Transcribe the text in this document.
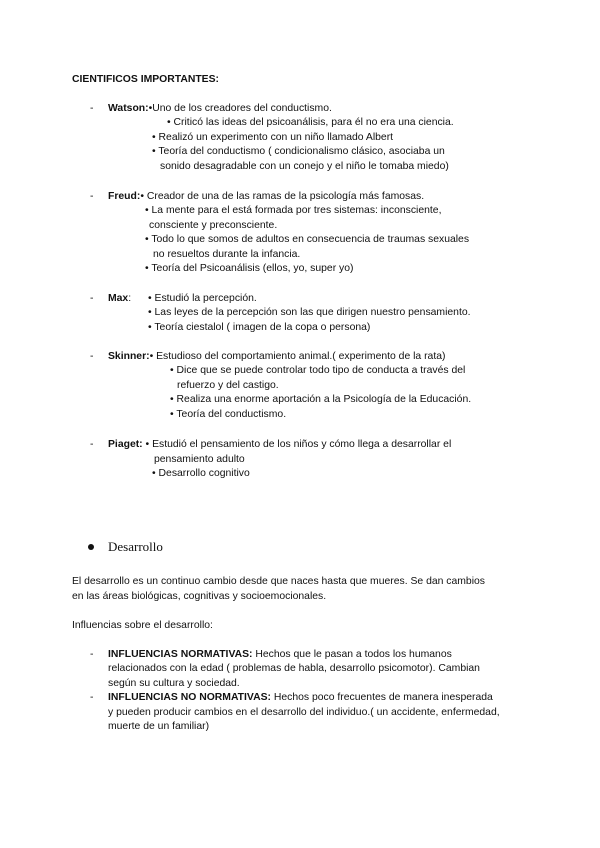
CIENTIFICOS IMPORTANTES:
- Watson:•Uno de los creadores del conductismo.
• Criticó las ideas del psicoanálisis, para él no era una ciencia.
• Realizó un experimento con un niño llamado Albert
• Teoría del conductismo ( condicionalismo clásico, asociaba un
sonido desagradable con un conejo y el niño le tomaba miedo)
- Freud:• Creador de una de las ramas de la psicología más famosas.
• La mente para el está formada por tres sistemas: inconsciente,
consciente y preconsciente.
• Todo lo que somos de adultos en consecuencia de traumas sexuales
no resueltos durante la infancia.
• Teoría del Psicoanálisis (ellos, yo, super yo)
- Max: • Estudió la percepción.
• Las leyes de la percepción son las que dirigen nuestro pensamiento.
• Teoría ciestalol ( imagen de la copa o persona)
- Skinner:• Estudioso del comportamiento animal.( experimento de la rata)
• Dice que se puede controlar todo tipo de conducta a través del
refuerzo y del castigo.
• Realiza una enorme aportación a la Psicología de la Educación.
• Teoría del conductismo.
- Piaget: • Estudió el pensamiento de los niños y cómo llega a desarrollar el
pensamiento adulto
• Desarrollo cognitivo
Desarrollo
El desarrollo es un continuo cambio desde que naces hasta que mueres. Se dan cambios
en las áreas biológicas, cognitivas y socioemocionales.
Influencias sobre el desarrollo:
- INFLUENCIAS NORMATIVAS: Hechos que le pasan a todos los humanos
relacionados con la edad ( problemas de habla, desarrollo psicomotor). Cambian
según su cultura y sociedad.
- INFLUENCIAS NO NORMATIVAS: Hechos poco frecuentes de manera inesperada
y pueden producir cambios en el desarrollo del individuo.( un accidente, enfermedad,
muerte de un familiar)
